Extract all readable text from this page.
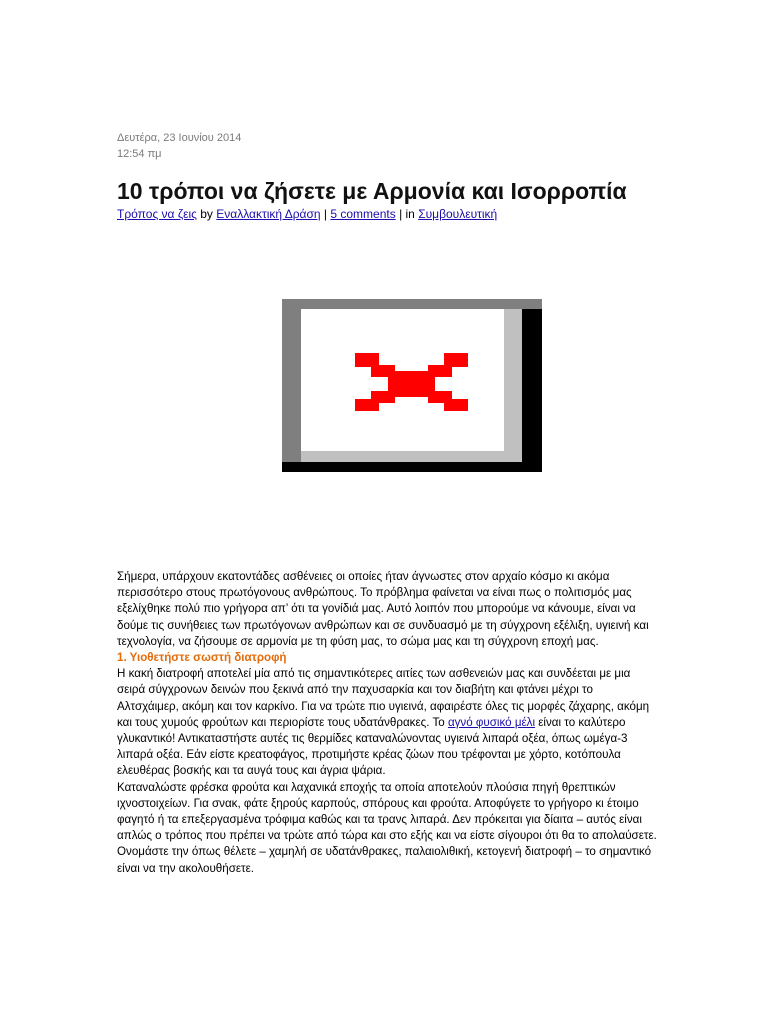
Δευτέρα, 23 Ιουνίου 2014
12:54 πμ
10 τρόποι να ζήσετε με Αρμονία και Ισορροπία
Τρόπος να ζεις by Εναλλακτική Δράση | 5 comments | in Συμβουλευτική

Σήμερα, υπάρχουν εκατοντάδες ασθένειες οι οποίες ήταν άγνωστες στον αρχαίο κόσμο κι ακόμα περισσότερο στους πρωτόγονους ανθρώπους. Το πρόβλημα φαίνεται να είναι πως ο πολιτισμός μας εξελίχθηκε πολύ πιο γρήγορα απ’ ότι τα γονίδιά μας. Αυτό λοιπόν που μπορούμε να κάνουμε, είναι να δούμε τις συνήθειες των πρωτόγονων ανθρώπων και σε συνδυασμό με τη σύγχρονη εξέλιξη, υγιεινή και τεχνολογία, να ζήσουμε σε αρμονία με τη φύση μας, το σώμα μας και τη σύγχρονη εποχή μας.

1. Υιοθετήστε σωστή διατροφή

Η κακή διατροφή αποτελεί μία από τις σημαντικότερες αιτίες των ασθενειών μας και συνδέεται με μια σειρά σύγχρονων δεινών που ξεκινά από την παχυσαρκία και τον διαβήτη και φτάνει μέχρι το Αλτσχάιμερ, ακόμη και τον καρκίνο. Για να τρώτε πιο υγιεινά, αφαιρέστε όλες τις μορφές ζάχαρης, ακόμη και τους χυμούς φρούτων και περιορίστε τους υδατάνθρακες. Το αγνό φυσικό μέλι είναι το καλύτερο γλυκαντικό! Αντικαταστήστε αυτές τις θερμίδες καταναλώνοντας υγιεινά λιπαρά οξέα, όπως ωμέγα-3 λιπαρά οξέα. Εάν είστε κρεατοφάγος, προτιμήστε κρέας ζώων που τρέφονται με χόρτο, κοτόπουλα ελευθέρας βοσκής και τα αυγά τους και άγρια ψάρια.

Καταναλώστε φρέσκα φρούτα και λαχανικά εποχής τα οποία αποτελούν πλούσια πηγή θρεπτικών ιχνοστοιχείων. Για σνακ, φάτε ξηρούς καρπούς, σπόρους και φρούτα. Αποφύγετε το γρήγορο κι έτοιμο φαγητό ή τα επεξεργασμένα τρόφιμα καθώς και τα τρανς λιπαρά. Δεν πρόκειται για δίαιτα – αυτός είναι απλώς ο τρόπος που πρέπει να τρώτε από τώρα και στο εξής και να είστε σίγουροι ότι θα το απολαύσετε. Ονομάστε την όπως θέλετε – χαμηλή σε υδατάνθρακες, παλαιολιθική, κετογενή διατροφή – το σημαντικό είναι να την ακολουθήσετε.
